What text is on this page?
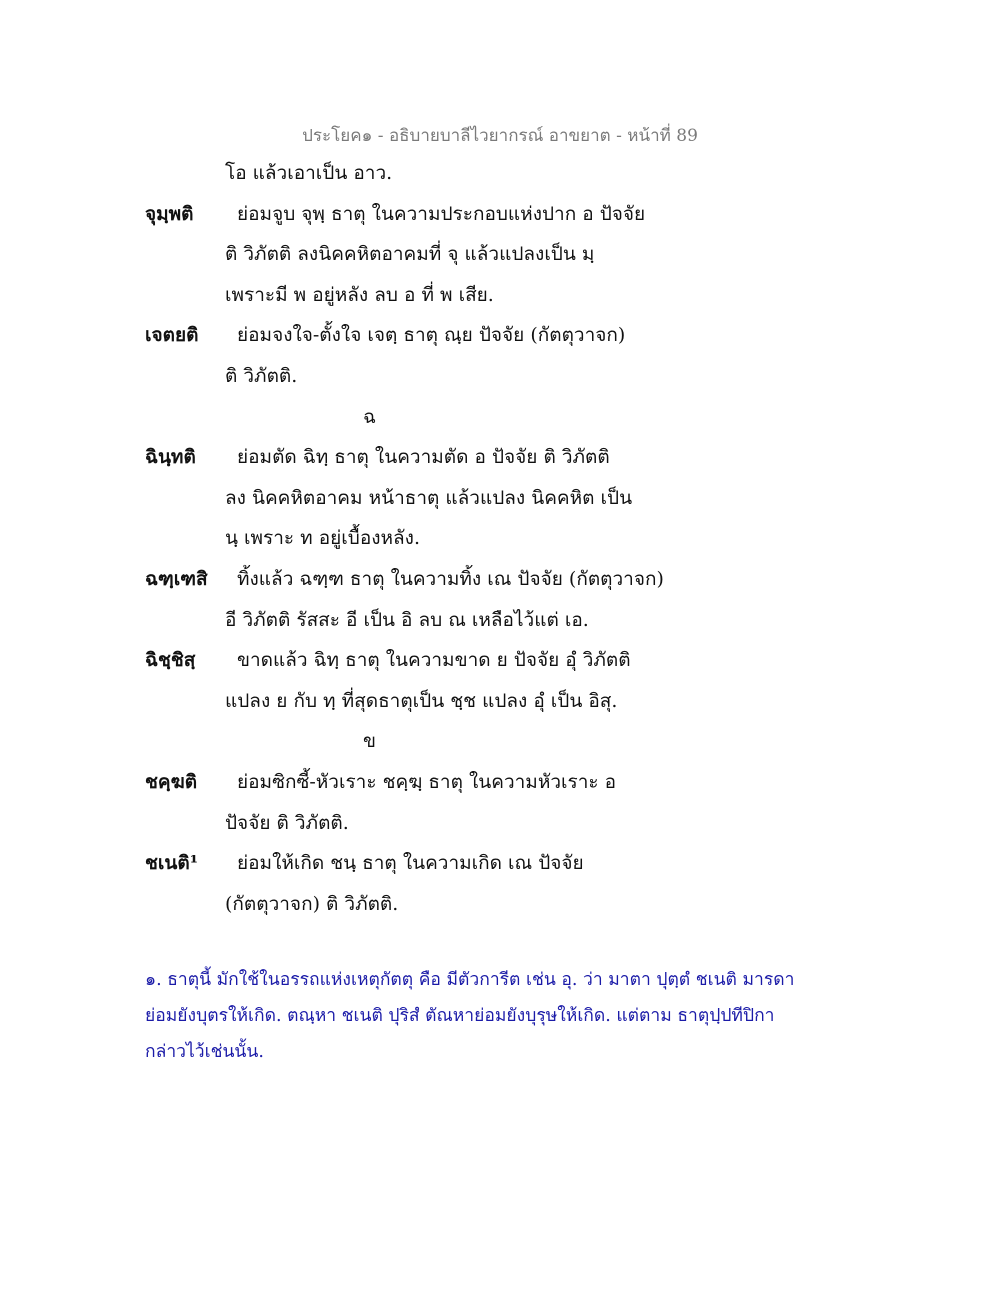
ประโยค๑ - อธิบายบาลีไวยากรณ์ อาขยาต - หน้าที่ 89
โอ แล้วเอาเป็น อาว.
จุมฺพติ ย่อมจูบ จุพฺ ธาตุ ในความประกอบแห่งปาก อ ปัจจัย
ติ วิภัตติ ลงนิคคหิตอาคมที่ จุ แล้วแปลงเป็น มฺ
เพราะมี พ อยู่หลัง ลบ อ ที่ พ เสีย.
เจตยติ ย่อมจงใจ-ตั้งใจ เจตฺ ธาตุ ณฺย ปัจจัย (กัตตุวาจก)
ติ วิภัตติ.
ฉ
ฉินฺทติ ย่อมตัด ฉิทฺ ธาตุ ในความตัด อ ปัจจัย ติ วิภัตติ
ลง นิคคหิตอาคม หน้าธาตุ แล้วแปลง นิคคหิต เป็น
นฺ เพราะ ท อยู่เบื้องหลัง.
ฉฑฺเฑสิ ทิ้งแล้ว ฉฑฺฑ ธาตุ ในความทิ้ง เณ ปัจจัย (กัตตุวาจก)
อี วิภัตติ รัสสะ อี เป็น อิ ลบ ณ เหลือไว้แต่ เอ.
ฉิชฺชิสฺ ขาดแล้ว ฉิทฺ ธาตุ ในความขาด ย ปัจจัย อุํ วิภัตติ
แปลง ย กับ ทฺ ที่สุดธาตุเป็น ชฺช แปลง อุํ เป็น อิสุ.
ข
ชคฺฆติ ย่อมซิกซี้-หัวเราะ ชคฺฆฺ ธาตุ ในความหัวเราะ อ
ปัจจัย ติ วิภัตติ.
ชเนติ¹ ย่อมให้เกิด ชนฺ ธาตุ ในความเกิด เณ ปัจจัย
(กัตตุวาจก) ติ วิภัตติ.

๑. ธาตุนี้ มักใช้ในอรรถแห่งเหตุกัตตุ คือ มีตัวการีต เช่น อุ. ว่า มาตา ปุตฺตํ ชเนติ มารดา

ย่อมยังบุตรให้เกิด. ตณฺหา ชเนติ ปุริสํ ตัณหาย่อมยังบุรุษให้เกิด. แต่ตาม ธาตุปฺปทีปิกา

กล่าวไว้เช่นนั้น.
